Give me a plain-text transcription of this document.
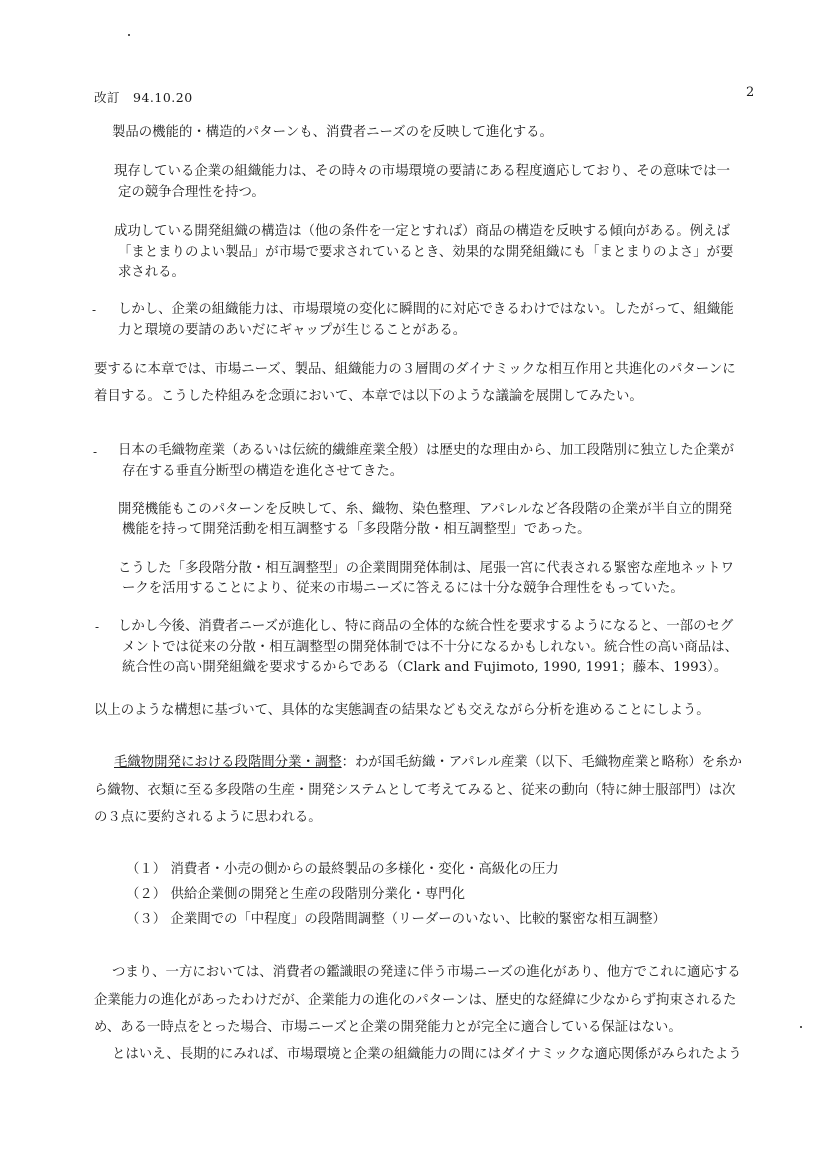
改訂　94.10.20	2
製品の機能的・構造的パターンも、消費者ニーズのを反映して進化する。
現存している企業の組織能力は、その時々の市場環境の要請にある程度適応しており、その意味では一
定の競争合理性を持つ。
成功している開発組織の構造は（他の条件を一定とすれば）商品の構造を反映する傾向がある。例えば
「まとまりのよい製品」が市場で要求されているとき、効果的な開発組織にも「まとまりのよさ」が要
求される。
- しかし、企業の組織能力は、市場環境の変化に瞬間的に対応できるわけではない。したがって、組織能
力と環境の要請のあいだにギャップが生じることがある。
要するに本章では、市場ニーズ、製品、組織能力の３層間のダイナミックな相互作用と共進化のパターンに
着目する。こうした枠組みを念頭において、本章では以下のような議論を展開してみたい。
- 日本の毛織物産業（あるいは伝統的繊維産業全般）は歴史的な理由から、加工段階別に独立した企業が
存在する垂直分断型の構造を進化させてきた。
開発機能もこのパターンを反映して、糸、織物、染色整理、アパレルなど各段階の企業が半自立的開発
機能を持って開発活動を相互調整する「多段階分散・相互調整型」であった。
こうした「多段階分散・相互調整型」の企業間開発体制は、尾張一宮に代表される緊密な産地ネットワ
ークを活用することにより、従来の市場ニーズに答えるには十分な競争合理性をもっていた。
- しかし今後、消費者ニーズが進化し、特に商品の全体的な統合性を要求するようになると、一部のセグ
メントでは従来の分散・相互調整型の開発体制では不十分になるかもしれない。統合性の高い商品は、
統合性の高い開発組織を要求するからである（Clark and Fujimoto, 1990, 1991；藤本、1993）。
以上のような構想に基づいて、具体的な実態調査の結果なども交えながら分析を進めることにしよう。
毛織物開発における段階間分業・調整：わが国毛紡織・アパレル産業（以下、毛織物産業と略称）を糸か
ら織物、衣類に至る多段階の生産・開発システムとして考えてみると、従来の動向（特に紳士服部門）は次
の３点に要約されるように思われる。
（１） 消費者・小売の側からの最終製品の多様化・変化・高級化の圧力
（２） 供給企業側の開発と生産の段階別分業化・専門化
（３） 企業間での「中程度」の段階間調整（リーダーのいない、比較的緊密な相互調整）
つまり、一方においては、消費者の鑑識眼の発達に伴う市場ニーズの進化があり、他方でこれに適応する
企業能力の進化があったわけだが、企業能力の進化のパターンは、歴史的な経緯に少なからず拘束されるた
め、ある一時点をとった場合、市場ニーズと企業の開発能力とが完全に適合している保証はない。
とはいえ、長期的にみれば、市場環境と企業の組織能力の間にはダイナミックな適応関係がみられたよう
